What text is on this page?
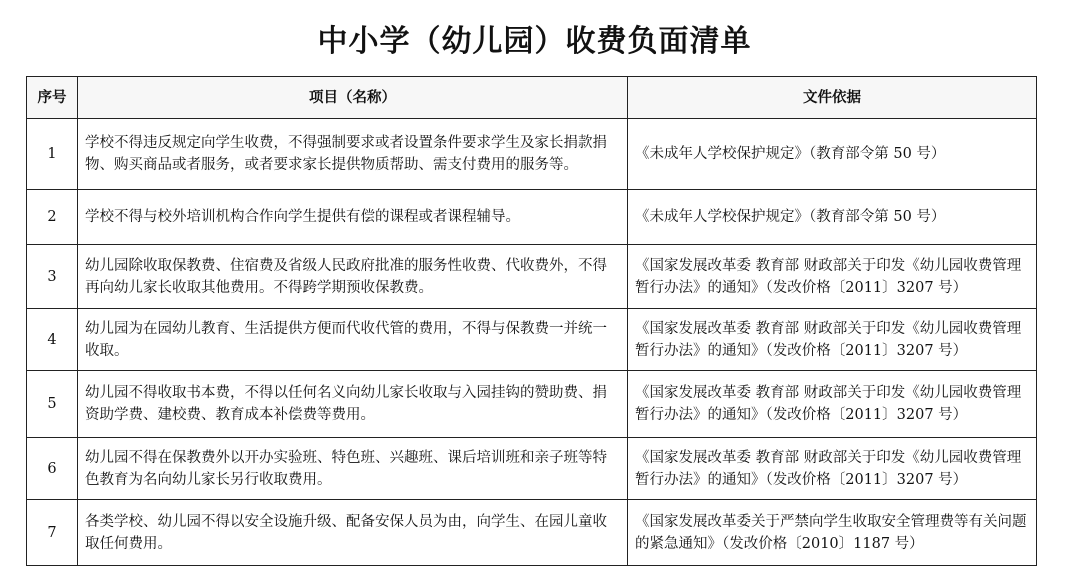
中小学（幼儿园）收费负面清单
序号	项目（名称）	文件依据
1	学校不得违反规定向学生收费，不得强制要求或者设置条件要求学生及家长捐款捐物、购买商品或者服务，或者要求家长提供物质帮助、需支付费用的服务等。	《未成年人学校保护规定》（教育部令第 50 号）
2	学校不得与校外培训机构合作向学生提供有偿的课程或者课程辅导。	《未成年人学校保护规定》（教育部令第 50 号）
3	幼儿园除收取保教费、住宿费及省级人民政府批准的服务性收费、代收费外，不得再向幼儿家长收取其他费用。不得跨学期预收保教费。	《国家发展改革委 教育部 财政部关于印发《幼儿园收费管理暂行办法》的通知》（发改价格〔2011〕3207 号）
4	幼儿园为在园幼儿教育、生活提供方便而代收代管的费用，不得与保教费一并统一收取。	《国家发展改革委 教育部 财政部关于印发《幼儿园收费管理暂行办法》的通知》（发改价格〔2011〕3207 号）
5	幼儿园不得收取书本费，不得以任何名义向幼儿家长收取与入园挂钩的赞助费、捐资助学费、建校费、教育成本补偿费等费用。	《国家发展改革委 教育部 财政部关于印发《幼儿园收费管理暂行办法》的通知》（发改价格〔2011〕3207 号）
6	幼儿园不得在保教费外以开办实验班、特色班、兴趣班、课后培训班和亲子班等特色教育为名向幼儿家长另行收取费用。	《国家发展改革委 教育部 财政部关于印发《幼儿园收费管理暂行办法》的通知》（发改价格〔2011〕3207 号）
7	各类学校、幼儿园不得以安全设施升级、配备安保人员为由，向学生、在园儿童收取任何费用。	《国家发展改革委关于严禁向学生收取安全管理费等有关问题的紧急通知》（发改价格〔2010〕1187 号）
